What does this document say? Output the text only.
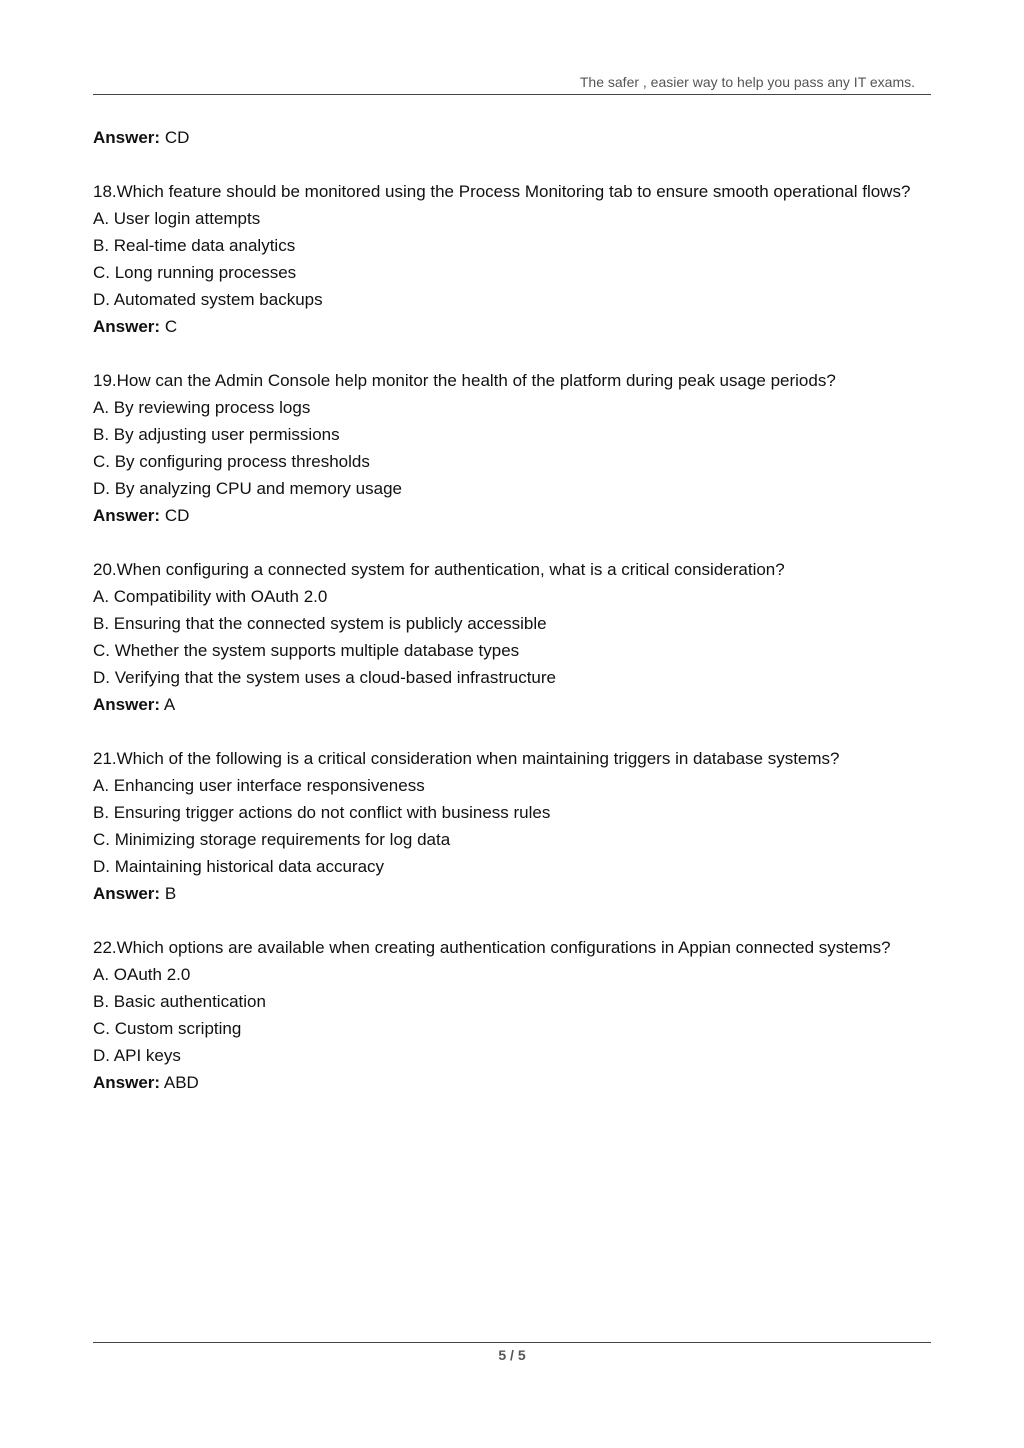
The safer , easier way to help you pass any IT exams.
Answer: CD
18.Which feature should be monitored using the Process Monitoring tab to ensure smooth operational flows?
A. User login attempts
B. Real-time data analytics
C. Long running processes
D. Automated system backups
Answer: C
19.How can the Admin Console help monitor the health of the platform during peak usage periods?
A. By reviewing process logs
B. By adjusting user permissions
C. By configuring process thresholds
D. By analyzing CPU and memory usage
Answer: CD
20.When configuring a connected system for authentication, what is a critical consideration?
A. Compatibility with OAuth 2.0
B. Ensuring that the connected system is publicly accessible
C. Whether the system supports multiple database types
D. Verifying that the system uses a cloud-based infrastructure
Answer: A
21.Which of the following is a critical consideration when maintaining triggers in database systems?
A. Enhancing user interface responsiveness
B. Ensuring trigger actions do not conflict with business rules
C. Minimizing storage requirements for log data
D. Maintaining historical data accuracy
Answer: B
22.Which options are available when creating authentication configurations in Appian connected systems?
A. OAuth 2.0
B. Basic authentication
C. Custom scripting
D. API keys
Answer: ABD
5 / 5
